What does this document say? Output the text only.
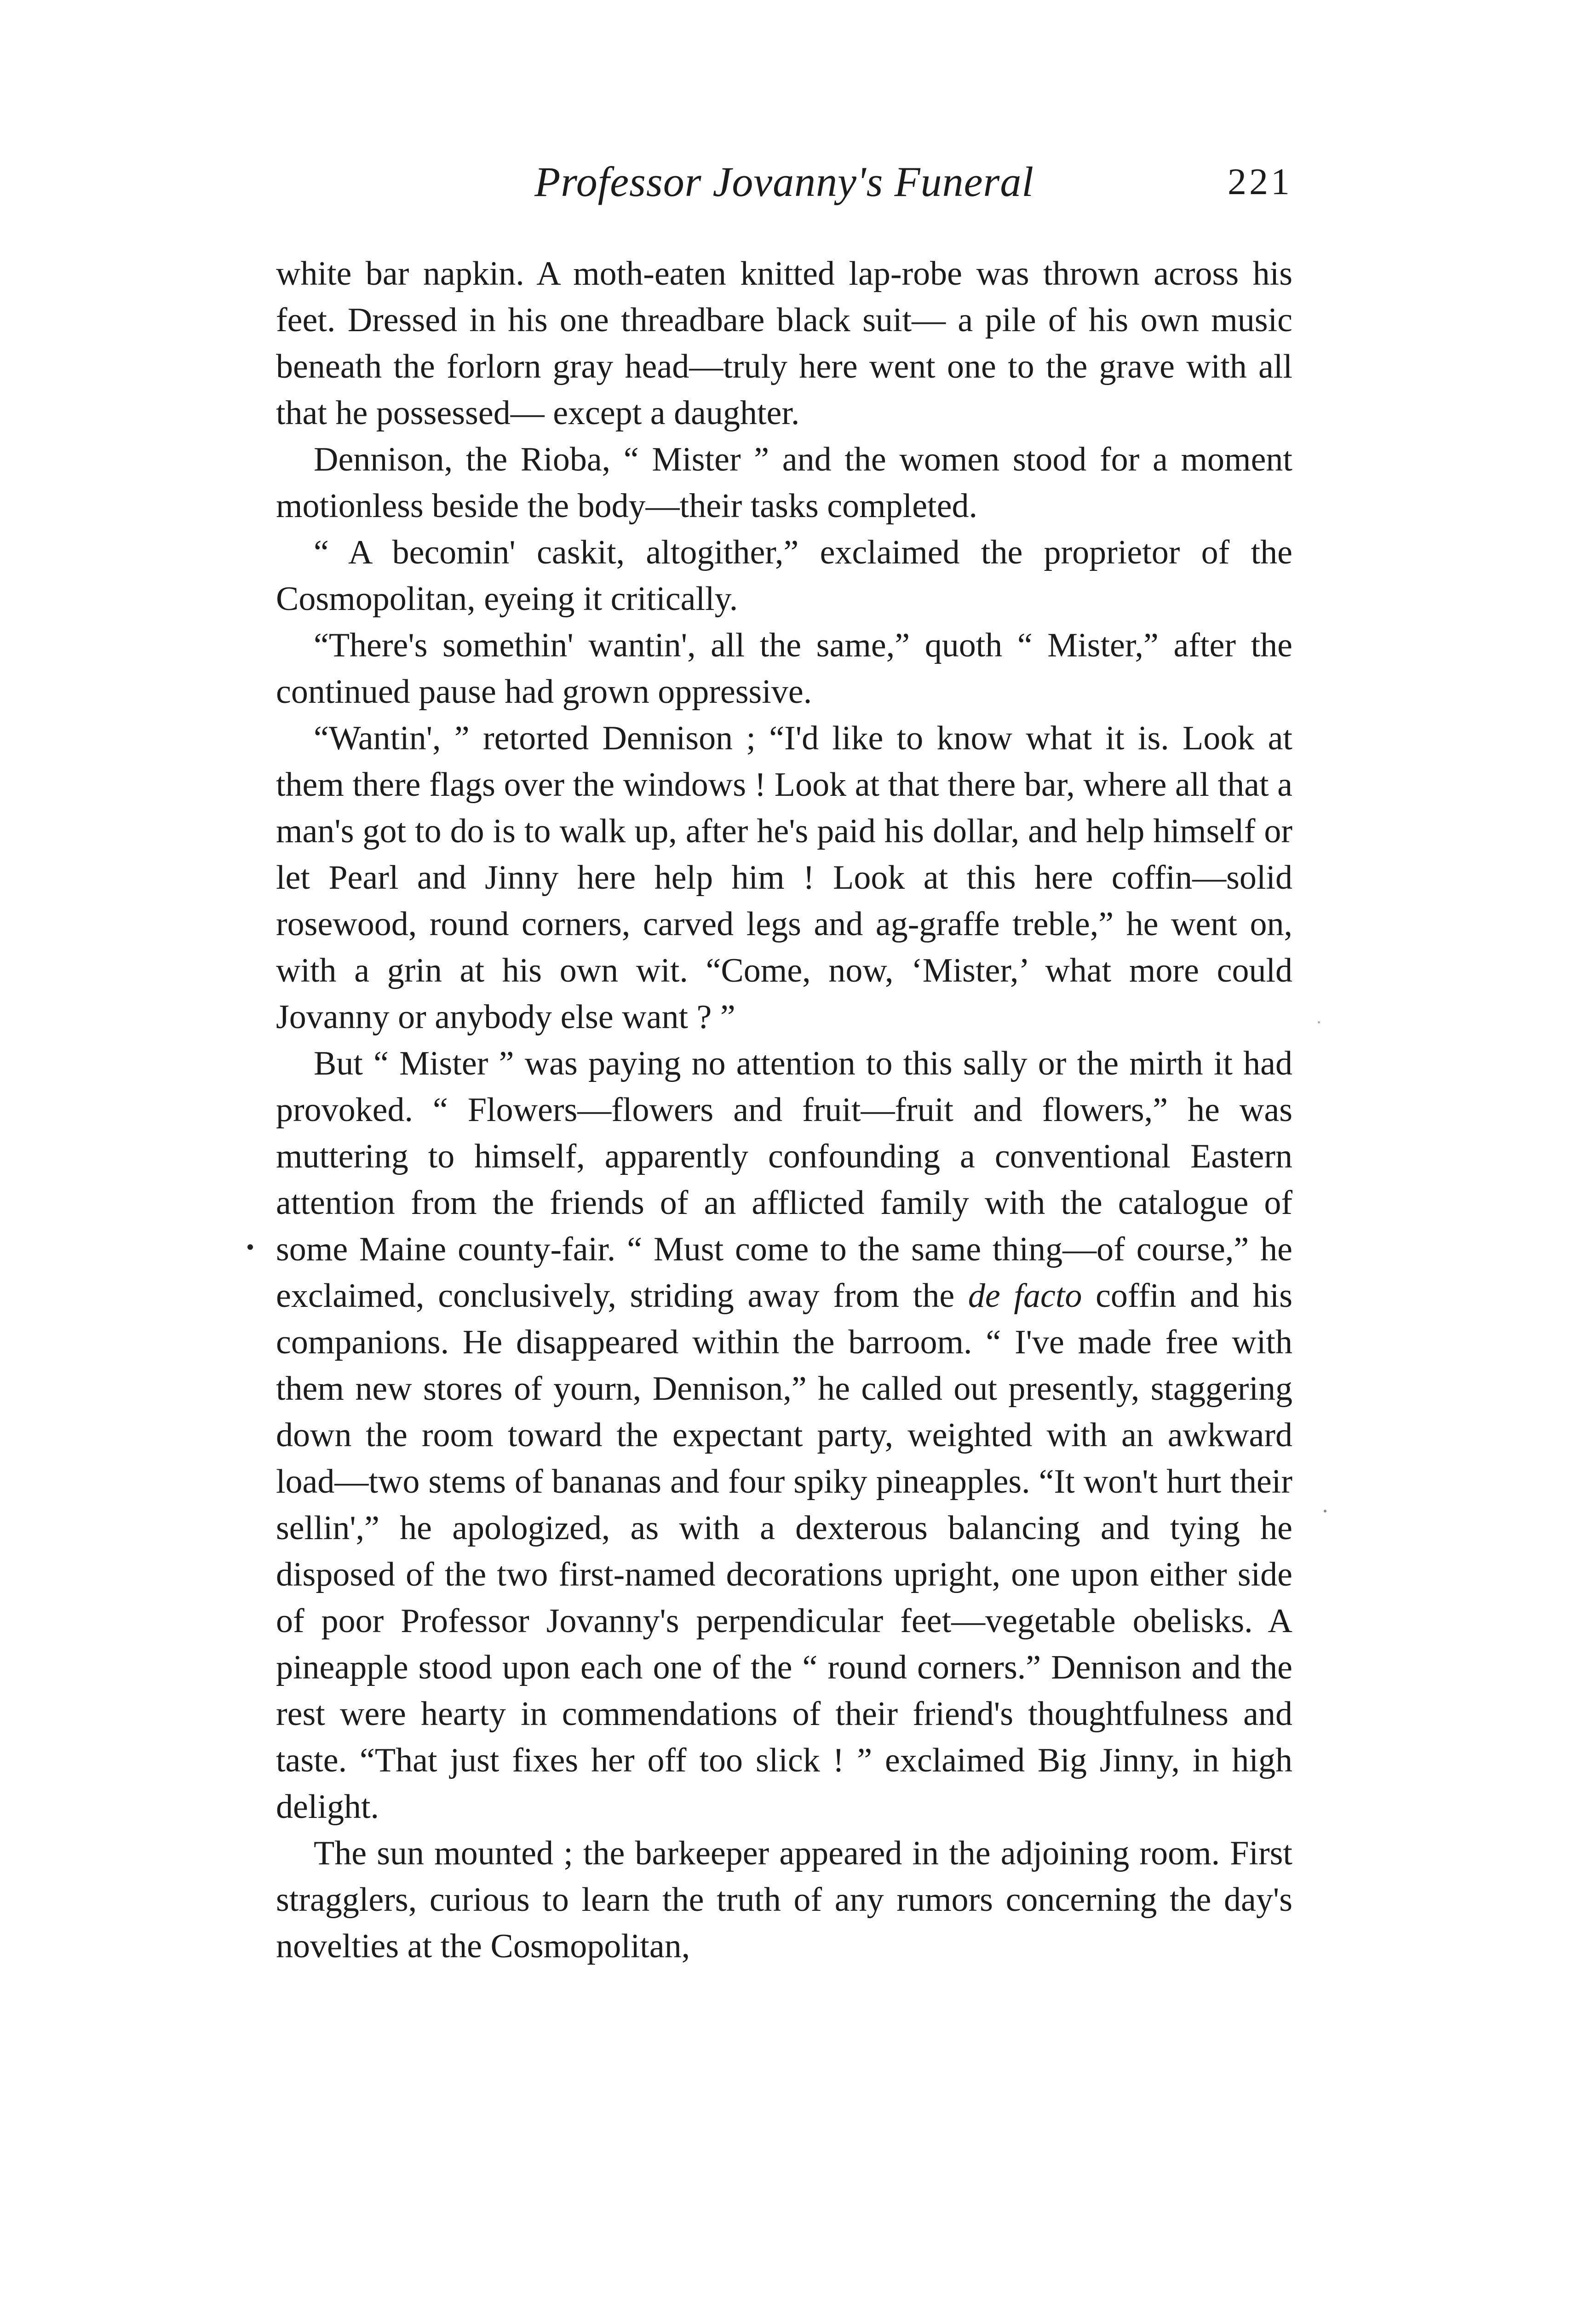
Professor Jovanny's Funeral	221

white bar napkin. A moth-eaten knitted lap-robe was thrown across his feet. Dressed in his one threadbare black suit— a pile of his own music beneath the forlorn gray head—truly here went one to the grave with all that he possessed— except a daughter.

Dennison, the Rioba, “ Mister ” and the women stood for a moment motionless beside the body—their tasks completed.

“ A becomin' caskit, altogither,” exclaimed the proprietor of the Cosmopolitan, eyeing it critically.

“There's somethin' wantin', all the same,” quoth “ Mister,” after the continued pause had grown oppressive.

“Wantin', ” retorted Dennison ; “I'd like to know what it is. Look at them there flags over the windows ! Look at that there bar, where all that a man's got to do is to walk up, after he's paid his dollar, and help himself or let Pearl and Jinny here help him ! Look at this here coffin—solid rosewood, round corners, carved legs and ag-graffe treble,” he went on, with a grin at his own wit. “Come, now, ‘Mister,’ what more could Jovanny or anybody else want ? ”

But “ Mister ” was paying no attention to this sally or the mirth it had provoked. “ Flowers—flowers and fruit—fruit and flowers,” he was muttering to himself, apparently confounding a conventional Eastern attention from the friends of an afflicted family with the catalogue of some Maine county-fair. “ Must come to the same thing—of course,” he exclaimed, conclusively, striding away from the de facto coffin and his companions. He disappeared within the barroom. “ I've made free with them new stores of yourn, Dennison,” he called out presently, staggering down the room toward the expectant party, weighted with an awkward load—two stems of bananas and four spiky pineapples. “It won't hurt their sellin',” he apologized, as with a dexterous balancing and tying he disposed of the two first-named decorations upright, one upon either side of poor Professor Jovanny's perpendicular feet—vegetable obelisks. A pineapple stood upon each one of the “ round corners.” Dennison and the rest were hearty in commendations of their friend's thoughtfulness and taste. “That just fixes her off too slick ! ” exclaimed Big Jinny, in high delight.

The sun mounted ; the barkeeper appeared in the adjoining room. First stragglers, curious to learn the truth of any rumors concerning the day's novelties at the Cosmopolitan,
